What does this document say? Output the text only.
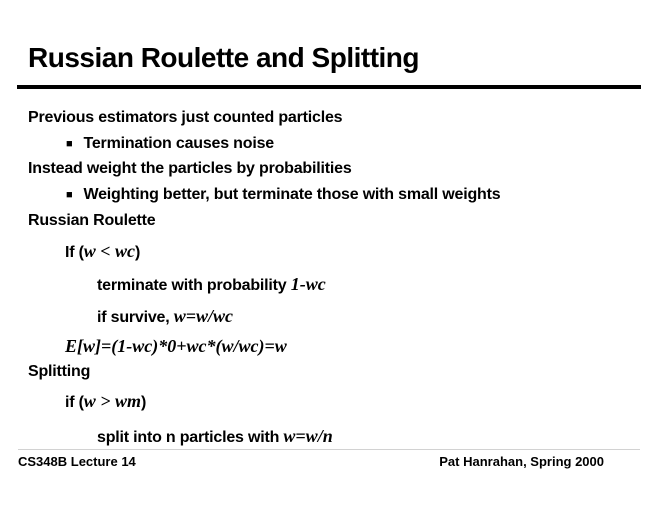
Russian Roulette and Splitting
Previous estimators just counted particles
■ Termination causes noise
Instead weight the particles by probabilities
■ Weighting better, but terminate those with small weights
Russian Roulette
If (w < wc)
terminate with probability 1-wc
if survive, w=w/wc
E[w]=(1-wc)*0+wc*(w/wc)=w
Splitting
if (w > wm)
split into n particles with w=w/n
CS348B Lecture 14	Pat Hanrahan, Spring 2000
